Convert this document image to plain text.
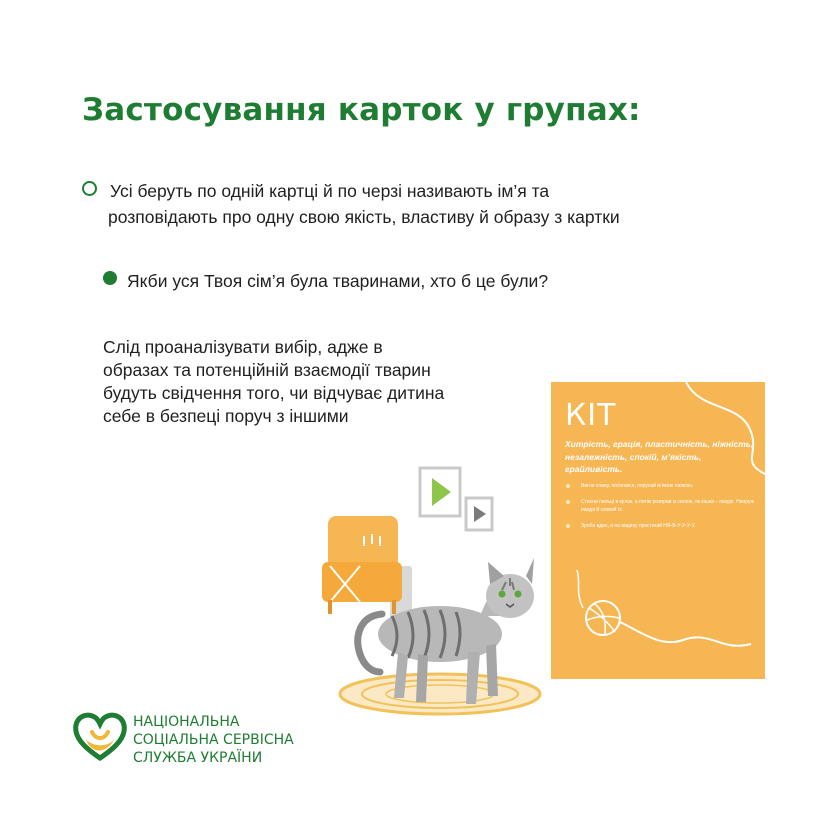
Застосування карток у групах:
Усі беруть по одній картці й по черзі називають ім’я та
розповідають про одну свою якість, властиву й образу з картки
Якби уся Твоя сім’я була тваринами, хто б це були?
Слід проаналізувати вибір, адже в
образах та потенційній взаємодії тварин
будуть свідчення того, чи відчуває дитина
себе в безпеці поруч з іншими	КІТ
Хитрість, грація, пластичність, ніжність, незалежність, спокій, м’якість, грайливість.
Вигни спину, потягнися, порухай м’якою лапкою.
Стисни пальці в кулак, а потім розправ із силою, як кішка – пазурі. Напруж пазурі й сховай їх.
Зроби вдих, а на видиху простягай НЯ-В-У-У-У-У.
НАЦІОНАЛЬНА
СОЦІАЛЬНА СЕРВІСНА
СЛУЖБА УКРАЇНИ
